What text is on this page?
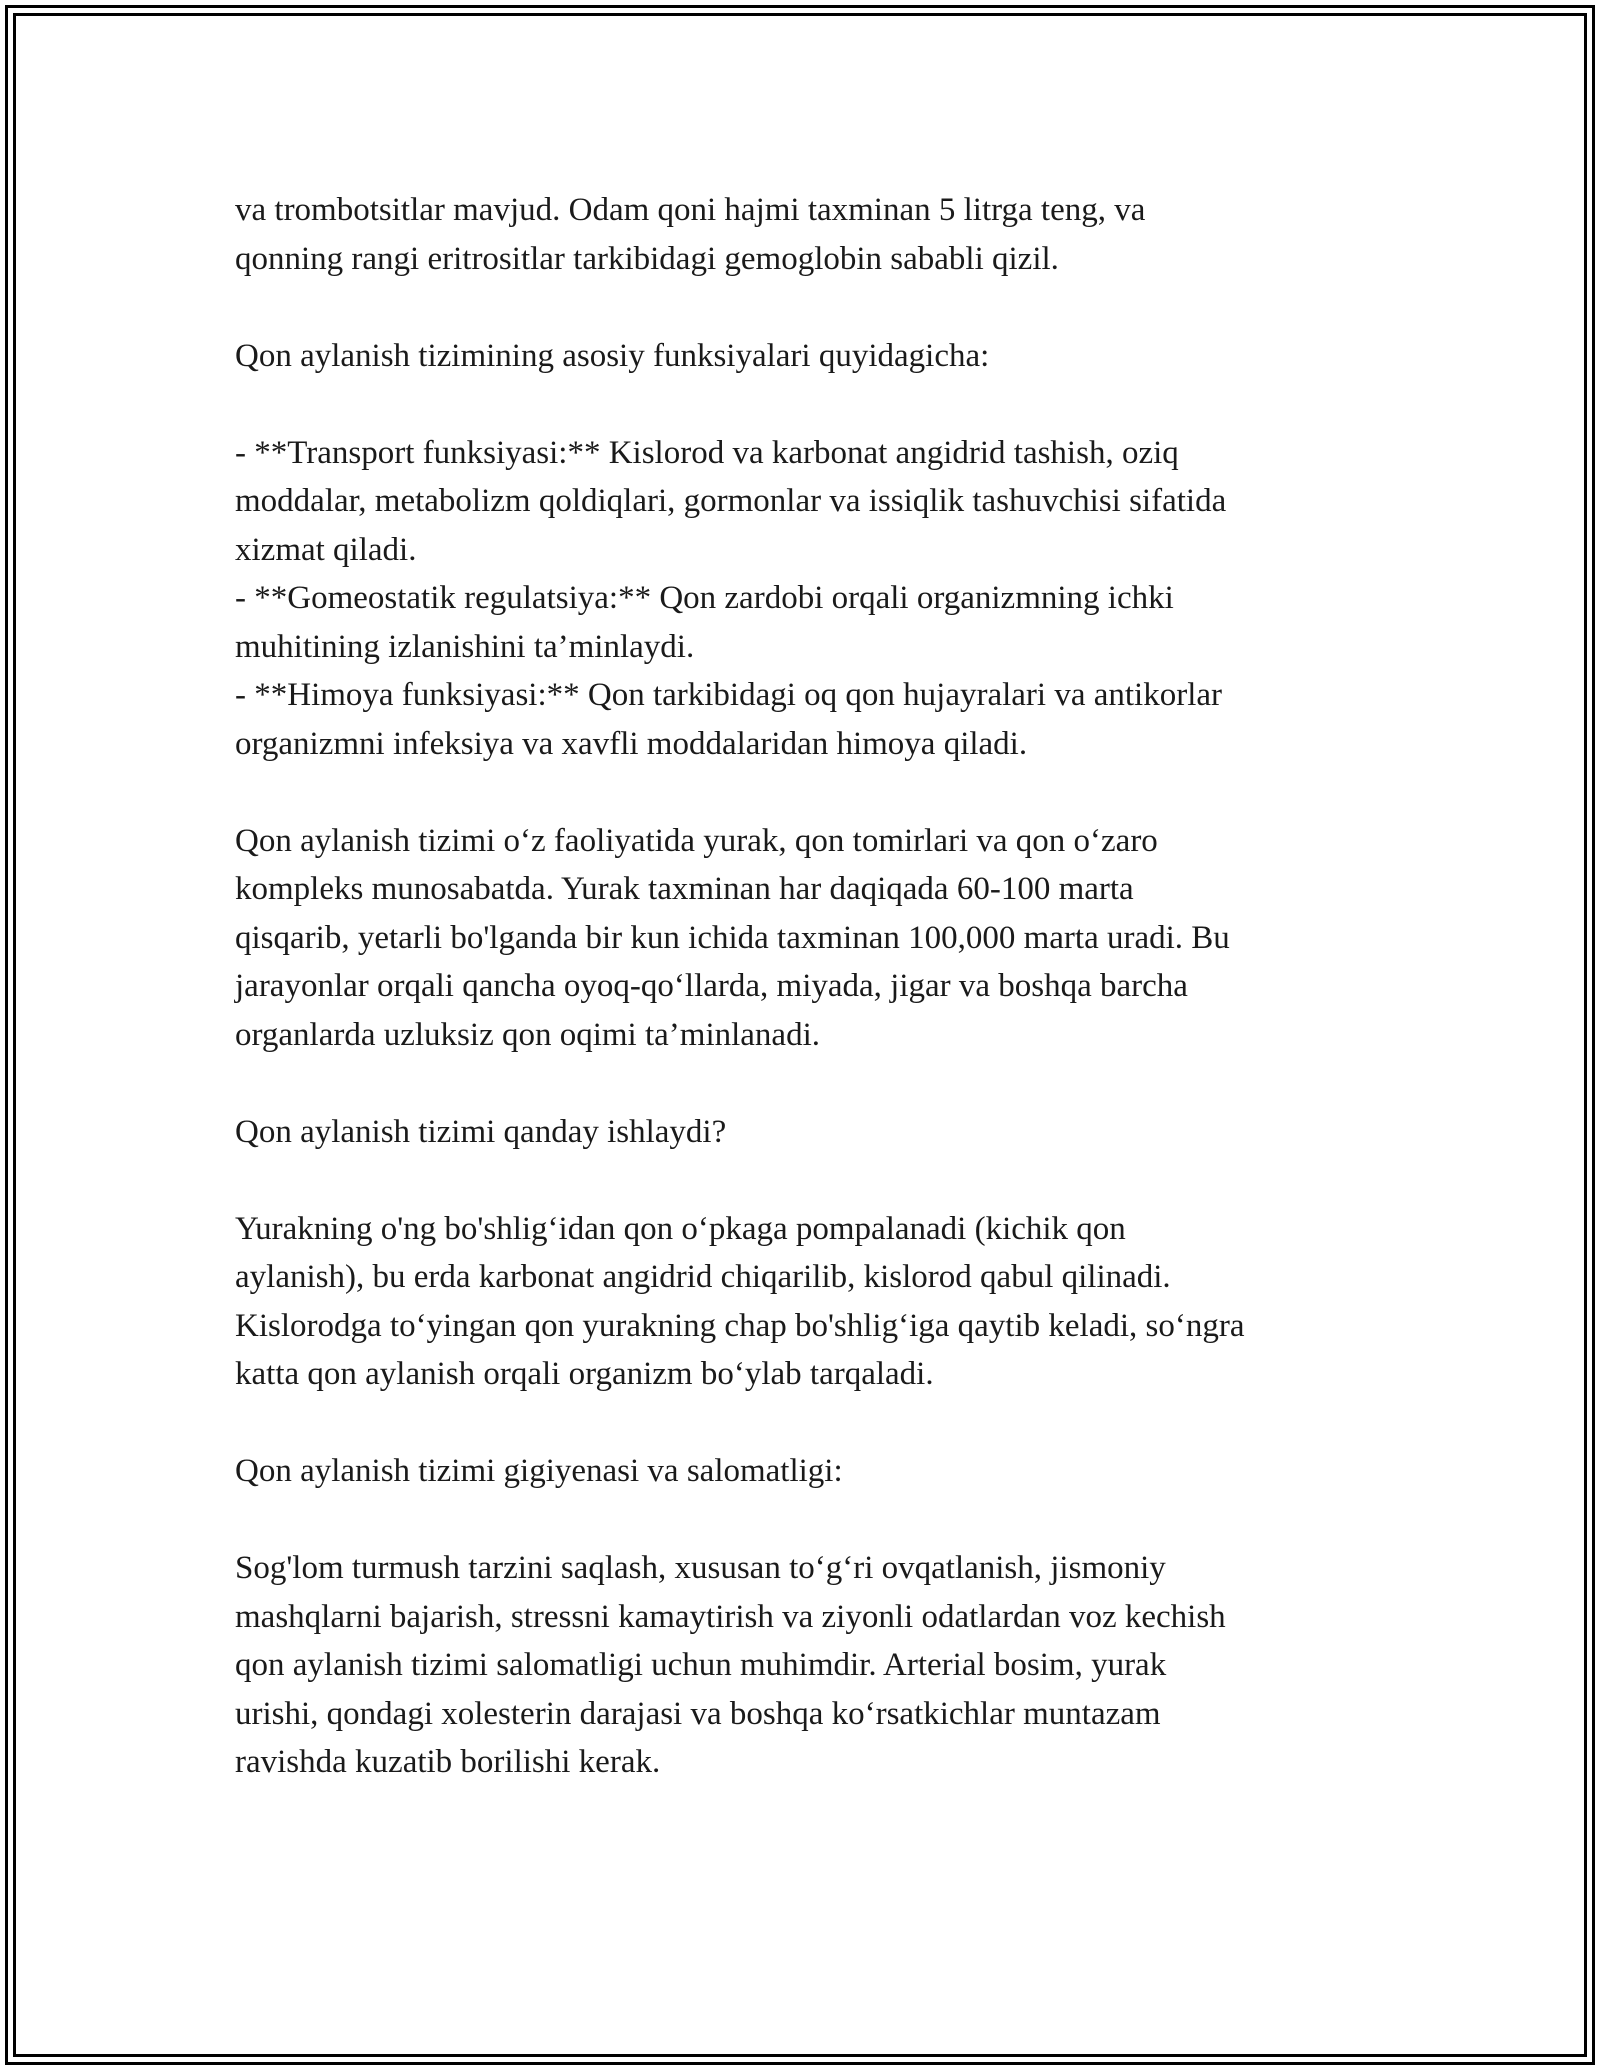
va trombotsitlar mavjud. Odam qoni hajmi taxminan 5 litrga teng, va
qonning rangi eritrositlar tarkibidagi gemoglobin sababli qizil.

Qon aylanish tizimining asosiy funksiyalari quyidagicha:

- **Transport funksiyasi:** Kislorod va karbonat angidrid tashish, oziq
moddalar, metabolizm qoldiqlari, gormonlar va issiqlik tashuvchisi sifatida
xizmat qiladi.
- **Gomeostatik regulatsiya:** Qon zardobi orqali organizmning ichki
muhitining izlanishini ta’minlaydi.
- **Himoya funksiyasi:** Qon tarkibidagi oq qon hujayralari va antikorlar
organizmni infeksiya va xavfli moddalaridan himoya qiladi.

Qon aylanish tizimi o‘z faoliyatida yurak, qon tomirlari va qon o‘zaro
kompleks munosabatda. Yurak taxminan har daqiqada 60-100 marta
qisqarib, yetarli bo'lganda bir kun ichida taxminan 100,000 marta uradi. Bu
jarayonlar orqali qancha oyoq-qo‘llarda, miyada, jigar va boshqa barcha
organlarda uzluksiz qon oqimi ta’minlanadi.

Qon aylanish tizimi qanday ishlaydi?

Yurakning o'ng bo'shlig‘idan qon o‘pkaga pompalanadi (kichik qon
aylanish), bu erda karbonat angidrid chiqarilib, kislorod qabul qilinadi.
Kislorodga to‘yingan qon yurakning chap bo'shlig‘iga qaytib keladi, so‘ngra
katta qon aylanish orqali organizm bo‘ylab tarqaladi.

Qon aylanish tizimi gigiyenasi va salomatligi:

Sog'lom turmush tarzini saqlash, xususan to‘g‘ri ovqatlanish, jismoniy
mashqlarni bajarish, stressni kamaytirish va ziyonli odatlardan voz kechish
qon aylanish tizimi salomatligi uchun muhimdir. Arterial bosim, yurak
urishi, qondagi xolesterin darajasi va boshqa ko‘rsatkichlar muntazam
ravishda kuzatib borilishi kerak.
